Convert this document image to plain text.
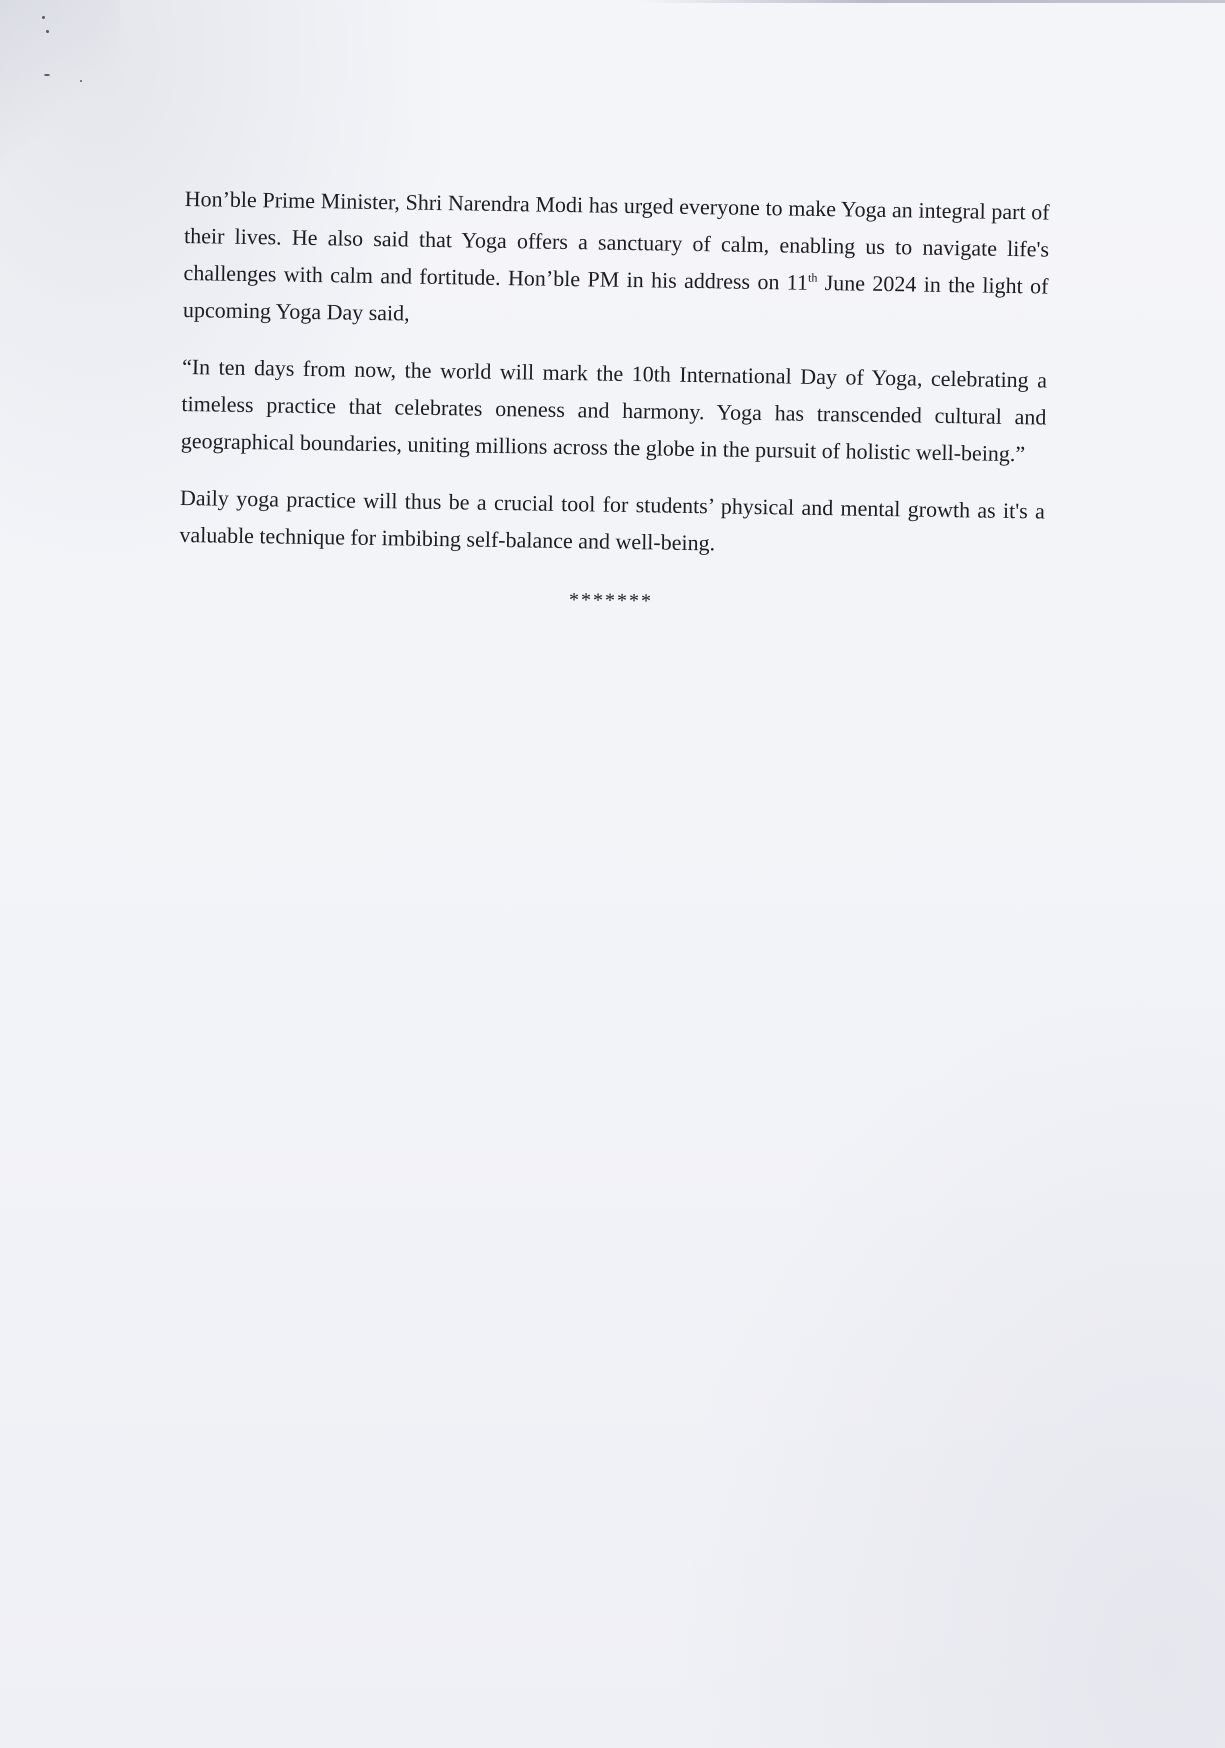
Hon’ble Prime Minister, Shri Narendra Modi has urged everyone to make Yoga an integral part of their lives. He also said that Yoga offers a sanctuary of calm, enabling us to navigate life's challenges with calm and fortitude. Hon’ble PM in his address on 11th June 2024 in the light of upcoming Yoga Day said,

“In ten days from now, the world will mark the 10th International Day of Yoga, celebrating a timeless practice that celebrates oneness and harmony. Yoga has transcended cultural and geographical boundaries, uniting millions across the globe in the pursuit of holistic well-being.”

Daily yoga practice will thus be a crucial tool for students’ physical and mental growth as it's a valuable technique for imbibing self-balance and well-being.

*******
